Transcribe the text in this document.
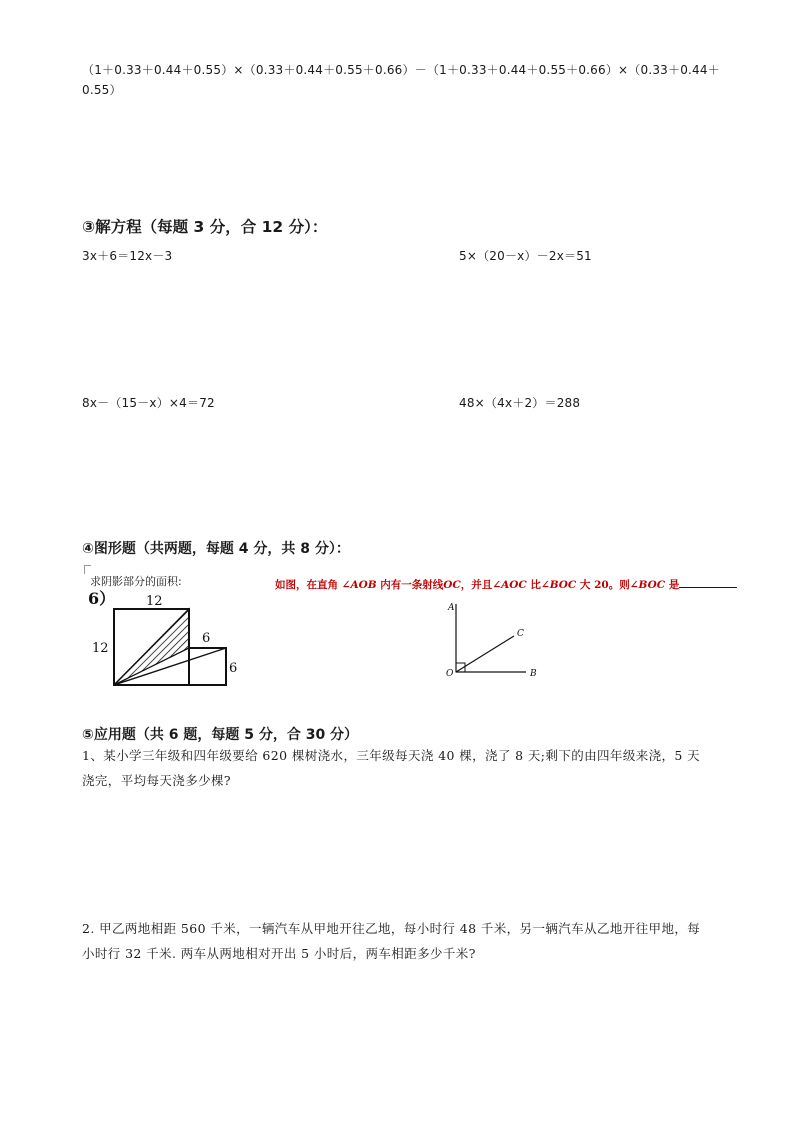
（1＋0.33＋0.44＋0.55）×（0.33＋0.44＋0.55＋0.66）－（1＋0.33＋0.44＋0.55＋0.66）×（0.33＋0.44＋0.55）
③解方程（每题 3 分，合 12 分）：
3x＋6＝12x－3	5×（20－x）－2x＝51
8x－（15－x）×4＝72	48×（4x＋2）＝288
④图形题（共两题，每题 4 分，共 8 分）：
求阴影部分的面积:
6） 12
12
6
6
如图，在直角 ∠AOB 内有一条射线OC，并且∠AOC 比∠BOC 大 20。则∠BOC 是
A
C
O	B
⑤应用题（共 6 题，每题 5 分，合 30 分）
1、某小学三年级和四年级要给 620 棵树浇水，三年级每天浇 40 棵，浇了 8 天;剩下的由四年级来浇，5 天浇完，平均每天浇多少棵?
2. 甲乙两地相距 560 千米，一辆汽车从甲地开往乙地，每小时行 48 千米，另一辆汽车从乙地开往甲地，每小时行 32 千米. 两车从两地相对开出 5 小时后，两车相距多少千米?
